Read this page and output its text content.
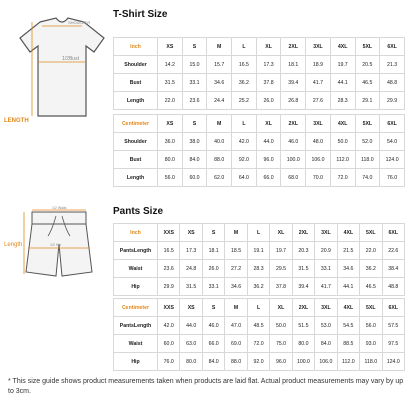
SHOULDER
1/2Bust
LENGTH
1/2 Waist
1/2 Hip
Length
T-Shirt Size
Inch	XS	S	M	L	XL	2XL	3XL	4XL	5XL	6XL
Shoulder	14.2	15.0	15.7	16.5	17.3	18.1	18.9	19.7	20.5	21.3
Bust	31.5	33.1	34.6	36.2	37.8	39.4	41.7	44.1	46.5	48.8
Length	22.0	23.6	24.4	25.2	26.0	26.8	27.6	28.3	29.1	29.9
Centimeter	XS	S	M	L	XL	2XL	3XL	4XL	5XL	6XL
Shoulder	36.0	38.0	40.0	42.0	44.0	46.0	48.0	50.0	52.0	54.0
Bust	80.0	84.0	88.0	92.0	96.0	100.0	106.0	112.0	118.0	124.0
Length	56.0	60.0	62.0	64.0	66.0	68.0	70.0	72.0	74.0	76.0
Pants Size
Inch	XXS	XS	S	M	L	XL	2XL	3XL	4XL	5XL	6XL
PantsLength	16.5	17.3	18.1	18.5	19.1	19.7	20.3	20.9	21.5	22.0	22.6
Waist	23.6	24.8	26.0	27.2	28.3	29.5	31.5	33.1	34.6	36.2	38.4
Hip	29.9	31.5	33.1	34.6	36.2	37.8	39.4	41.7	44.1	46.5	48.8
Centimeter	XXS	XS	S	M	L	XL	2XL	3XL	4XL	5XL	6XL
PantsLength	42.0	44.0	46.0	47.0	48.5	50.0	51.5	53.0	54.5	56.0	57.5
Waist	60.0	63.0	66.0	69.0	72.0	75.0	80.0	84.0	88.5	93.0	97.5
Hip	76.0	80.0	84.0	88.0	92.0	96.0	100.0	106.0	112.0	118.0	124.0
* This size guide shows product measurements taken when products are laid flat. Actual product measurements may vary by up to 3cm.
